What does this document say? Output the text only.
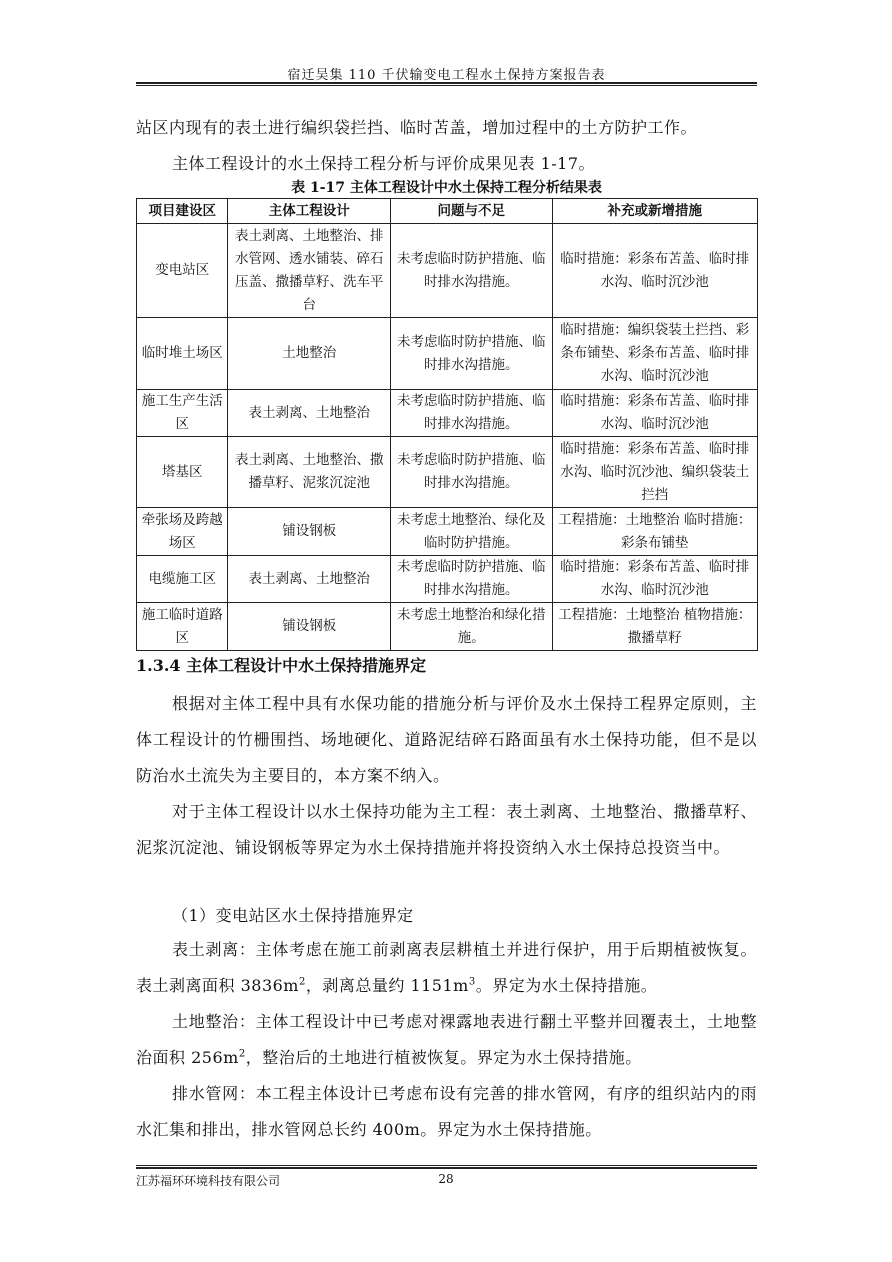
宿迁吴集 110 千伏输变电工程水土保持方案报告表

站区内现有的表土进行编织袋拦挡、临时苫盖，增加过程中的土方防护工作。

主体工程设计的水土保持工程分析与评价成果见表 1-17。

表 1-17 主体工程设计中水土保持工程分析结果表
项目建设区	主体工程设计	问题与不足	补充或新增措施
变电站区	表土剥离、土地整治、排水管网、透水铺装、碎石压盖、撒播草籽、洗车平台	未考虑临时防护措施、临时排水沟措施。	临时措施：彩条布苫盖、临时排水沟、临时沉沙池
临时堆土场区	土地整治	未考虑临时防护措施、临时排水沟措施。	临时措施：编织袋装土拦挡、彩条布铺垫、彩条布苫盖、临时排水沟、临时沉沙池
施工生产生活区	表土剥离、土地整治	未考虑临时防护措施、临时排水沟措施。	临时措施：彩条布苫盖、临时排水沟、临时沉沙池
塔基区	表土剥离、土地整治、撒播草籽、泥浆沉淀池	未考虑临时防护措施、临时排水沟措施。	临时措施：彩条布苫盖、临时排水沟、临时沉沙池、编织袋装土拦挡
牵张场及跨越场区	铺设钢板	未考虑土地整治、绿化及临时防护措施。	工程措施：土地整治 临时措施：彩条布铺垫
电缆施工区	表土剥离、土地整治	未考虑临时防护措施、临时排水沟措施。	临时措施：彩条布苫盖、临时排水沟、临时沉沙池
施工临时道路区	铺设钢板	未考虑土地整治和绿化措施。	工程措施：土地整治 植物措施：撒播草籽
1.3.4 主体工程设计中水土保持措施界定

根据对主体工程中具有水保功能的措施分析与评价及水土保持工程界定原则，主体工程设计的竹栅围挡、场地硬化、道路泥结碎石路面虽有水土保持功能，但不是以防治水土流失为主要目的，本方案不纳入。

对于主体工程设计以水土保持功能为主工程：表土剥离、土地整治、撒播草籽、泥浆沉淀池、铺设钢板等界定为水土保持措施并将投资纳入水土保持总投资当中。

（1）变电站区水土保持措施界定

表土剥离：主体考虑在施工前剥离表层耕植土并进行保护，用于后期植被恢复。表土剥离面积 $3836m^2$，剥离总量约 $1151m^3$。界定为水土保持措施。

土地整治：主体工程设计中已考虑对裸露地表进行翻土平整并回覆表土，土地整治面积 $256m^2$，整治后的土地进行植被恢复。界定为水土保持措施。

排水管网：本工程主体设计已考虑布设有完善的排水管网，有序的组织站内的雨水汇集和排出，排水管网总长约 400m。界定为水土保持措施。

江苏福环环境科技有限公司	28
